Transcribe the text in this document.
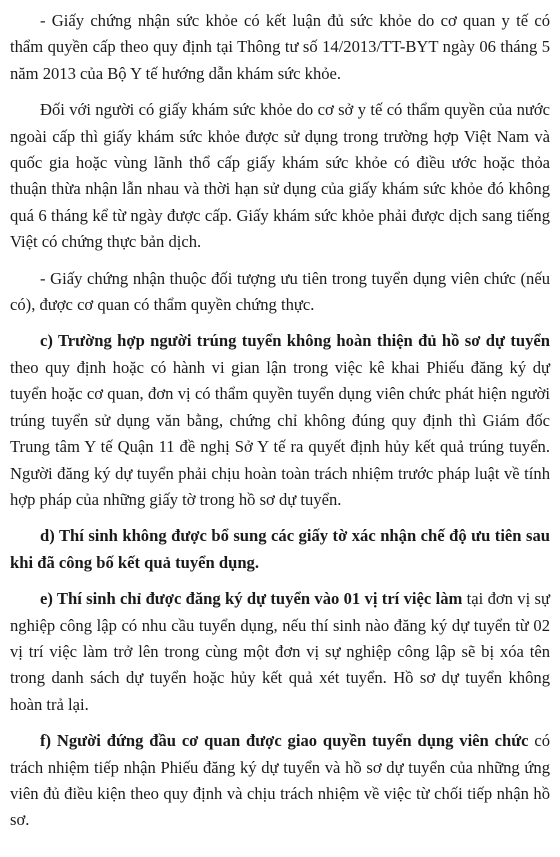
- Giấy chứng nhận sức khỏe có kết luận đủ sức khỏe do cơ quan y tế có thẩm quyền cấp theo quy định tại Thông tư số 14/2013/TT-BYT ngày 06 tháng 5 năm 2013 của Bộ Y tế hướng dẫn khám sức khỏe.

Đối với người có giấy khám sức khỏe do cơ sở y tế có thẩm quyền của nước ngoài cấp thì giấy khám sức khỏe được sử dụng trong trường hợp Việt Nam và quốc gia hoặc vùng lãnh thổ cấp giấy khám sức khỏe có điều ước hoặc thỏa thuận thừa nhận lẫn nhau và thời hạn sử dụng của giấy khám sức khỏe đó không quá 6 tháng kể từ ngày được cấp. Giấy khám sức khỏe phải được dịch sang tiếng Việt có chứng thực bản dịch.

- Giấy chứng nhận thuộc đối tượng ưu tiên trong tuyển dụng viên chức (nếu có), được cơ quan có thẩm quyền chứng thực.

c) Trường hợp người trúng tuyển không hoàn thiện đủ hồ sơ dự tuyển theo quy định hoặc có hành vi gian lận trong việc kê khai Phiếu đăng ký dự tuyển hoặc cơ quan, đơn vị có thẩm quyền tuyển dụng viên chức phát hiện người trúng tuyển sử dụng văn bằng, chứng chỉ không đúng quy định thì Giám đốc Trung tâm Y tế Quận 11 đề nghị Sở Y tế ra quyết định hủy kết quả trúng tuyển. Người đăng ký dự tuyển phải chịu hoàn toàn trách nhiệm trước pháp luật về tính hợp pháp của những giấy tờ trong hồ sơ dự tuyển.

d) Thí sinh không được bổ sung các giấy tờ xác nhận chế độ ưu tiên sau khi đã công bố kết quả tuyển dụng.

e) Thí sinh chỉ được đăng ký dự tuyển vào 01 vị trí việc làm tại đơn vị sự nghiệp công lập có nhu cầu tuyển dụng, nếu thí sinh nào đăng ký dự tuyển từ 02 vị trí việc làm trở lên trong cùng một đơn vị sự nghiệp công lập sẽ bị xóa tên trong danh sách dự tuyển hoặc hủy kết quả xét tuyển. Hồ sơ dự tuyển không hoàn trả lại.

f) Người đứng đầu cơ quan được giao quyền tuyển dụng viên chức có trách nhiệm tiếp nhận Phiếu đăng ký dự tuyển và hồ sơ dự tuyển của những ứng viên đủ điều kiện theo quy định và chịu trách nhiệm về việc từ chối tiếp nhận hồ sơ.
